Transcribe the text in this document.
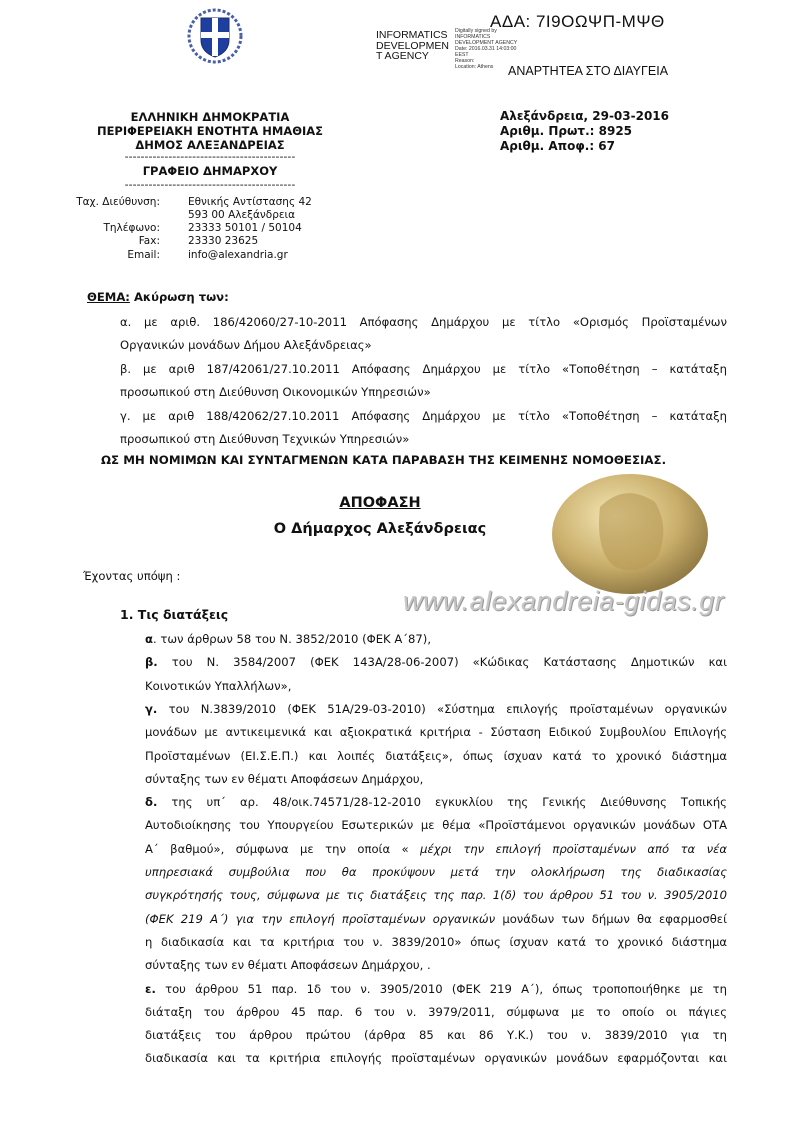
ΑΔΑ: 7Ι9ΟΩΨΠ-ΜΨΘ
INFORMATICS
DEVELOPMEN
T AGENCY
Digitally signed by
INFORMATICS
DEVELOPMENT AGENCY
Date: 2016.03.31 14:03:00
EEST
Reason:
Location: Athens	ΑΝΑΡΤΗΤΕΑ ΣΤΟ ΔΙΑΥΓΕΙΑ
ΕΛΛΗΝΙΚΗ ΔΗΜΟΚΡΑΤΙΑ
ΠΕΡΙΦΕΡΕΙΑΚΗ ΕΝΟΤΗΤΑ ΗΜΑΘΙΑΣ
ΔΗΜΟΣ ΑΛΕΞΑΝΔΡΕΙΑΣ
-------------------------------------------
ΓΡΑΦΕΙΟ ΔΗΜΑΡΧΟΥ
-------------------------------------------
Αλεξάνδρεια, 29-03-2016
Αριθμ. Πρωτ.: 8925
Αριθμ. Αποφ.: 67
Ταχ. Διεύθυνση:	Εθνικής Αντίστασης 42
593 00 Αλεξάνδρεια
Τηλέφωνο:	23333 50101 / 50104
Fax:	23330 23625
Email:	info@alexandria.gr
ΘΕΜΑ: Ακύρωση των:
α. με αριθ. 186/42060/27-10-2011 Απόφασης Δημάρχου με τίτλο «Ορισμός Προϊσταμένων
Οργανικών μονάδων Δήμου Αλεξάνδρειας»
β. με αριθ 187/42061/27.10.2011 Απόφασης Δημάρχου με τίτλο «Τοποθέτηση – κατάταξη
προσωπικού στη Διεύθυνση Οικονομικών Υπηρεσιών»
γ. με αριθ 188/42062/27.10.2011 Απόφασης Δημάρχου με τίτλο «Τοποθέτηση – κατάταξη
προσωπικού στη Διεύθυνση Τεχνικών Υπηρεσιών»
ΩΣ ΜΗ ΝΟΜΙΜΩΝ ΚΑΙ ΣΥΝΤΑΓΜΕΝΩΝ ΚΑΤΑ ΠΑΡΑΒΑΣΗ ΤΗΣ ΚΕΙΜΕΝΗΣ ΝΟΜΟΘΕΣΙΑΣ.
ΑΠΟΦΑΣΗ
Ο Δήμαρχος Αλεξάνδρειας
Έχοντας υπόψη :
www.alexandreia-gidas.gr
1. Τις διατάξεις
α. των άρθρων 58 του Ν. 3852/2010 (ΦΕΚ Α΄87),
β. του Ν. 3584/2007 (ΦΕΚ 143Α/28-06-2007) «Κώδικας Κατάστασης Δημοτικών και
Κοινοτικών Υπαλλήλων»,
γ. του Ν.3839/2010 (ΦΕΚ 51Α/29-03-2010) «Σύστημα επιλογής προϊσταμένων οργανικών
μονάδων με αντικειμενικά και αξιοκρατικά κριτήρια - Σύσταση Ειδικού Συμβουλίου Επιλογής
Προϊσταμένων (ΕΙ.Σ.Ε.Π.) και λοιπές διατάξεις», όπως ίσχυαν κατά το χρονικό διάστημα
σύνταξης των εν θέματι Αποφάσεων Δημάρχου,
δ. της υπ΄ αρ. 48/οικ.74571/28-12-2010 εγκυκλίου της Γενικής Διεύθυνσης Τοπικής
Αυτοδιοίκησης του Υπουργείου Εσωτερικών με θέμα «Προϊστάμενοι οργανικών μονάδων ΟΤΑ
Α΄ βαθμού», σύμφωνα με την οποία « μέχρι την επιλογή προϊσταμένων από τα νέα
υπηρεσιακά συμβούλια που θα προκύψουν μετά την ολοκλήρωση της διαδικασίας
συγκρότησής τους, σύμφωνα με τις διατάξεις της παρ. 1(δ) του άρθρου 51 του ν. 3905/2010
(ΦΕΚ 219 Α΄) για την επιλογή προϊσταμένων οργανικών μονάδων των δήμων θα εφαρμοσθεί
η διαδικασία και τα κριτήρια του ν. 3839/2010» όπως ίσχυαν κατά το χρονικό διάστημα
σύνταξης των εν θέματι Αποφάσεων Δημάρχου, .
ε. του άρθρου 51 παρ. 1δ του ν. 3905/2010 (ΦΕΚ 219 Α΄), όπως τροποποιήθηκε με τη
διάταξη του άρθρου 45 παρ. 6 του ν. 3979/2011, σύμφωνα με το οποίο οι πάγιες
διατάξεις του άρθρου πρώτου (άρθρα 85 και 86 Υ.Κ.) του ν. 3839/2010 για τη
διαδικασία και τα κριτήρια επιλογής προϊσταμένων οργανικών μονάδων εφαρμόζονται και
